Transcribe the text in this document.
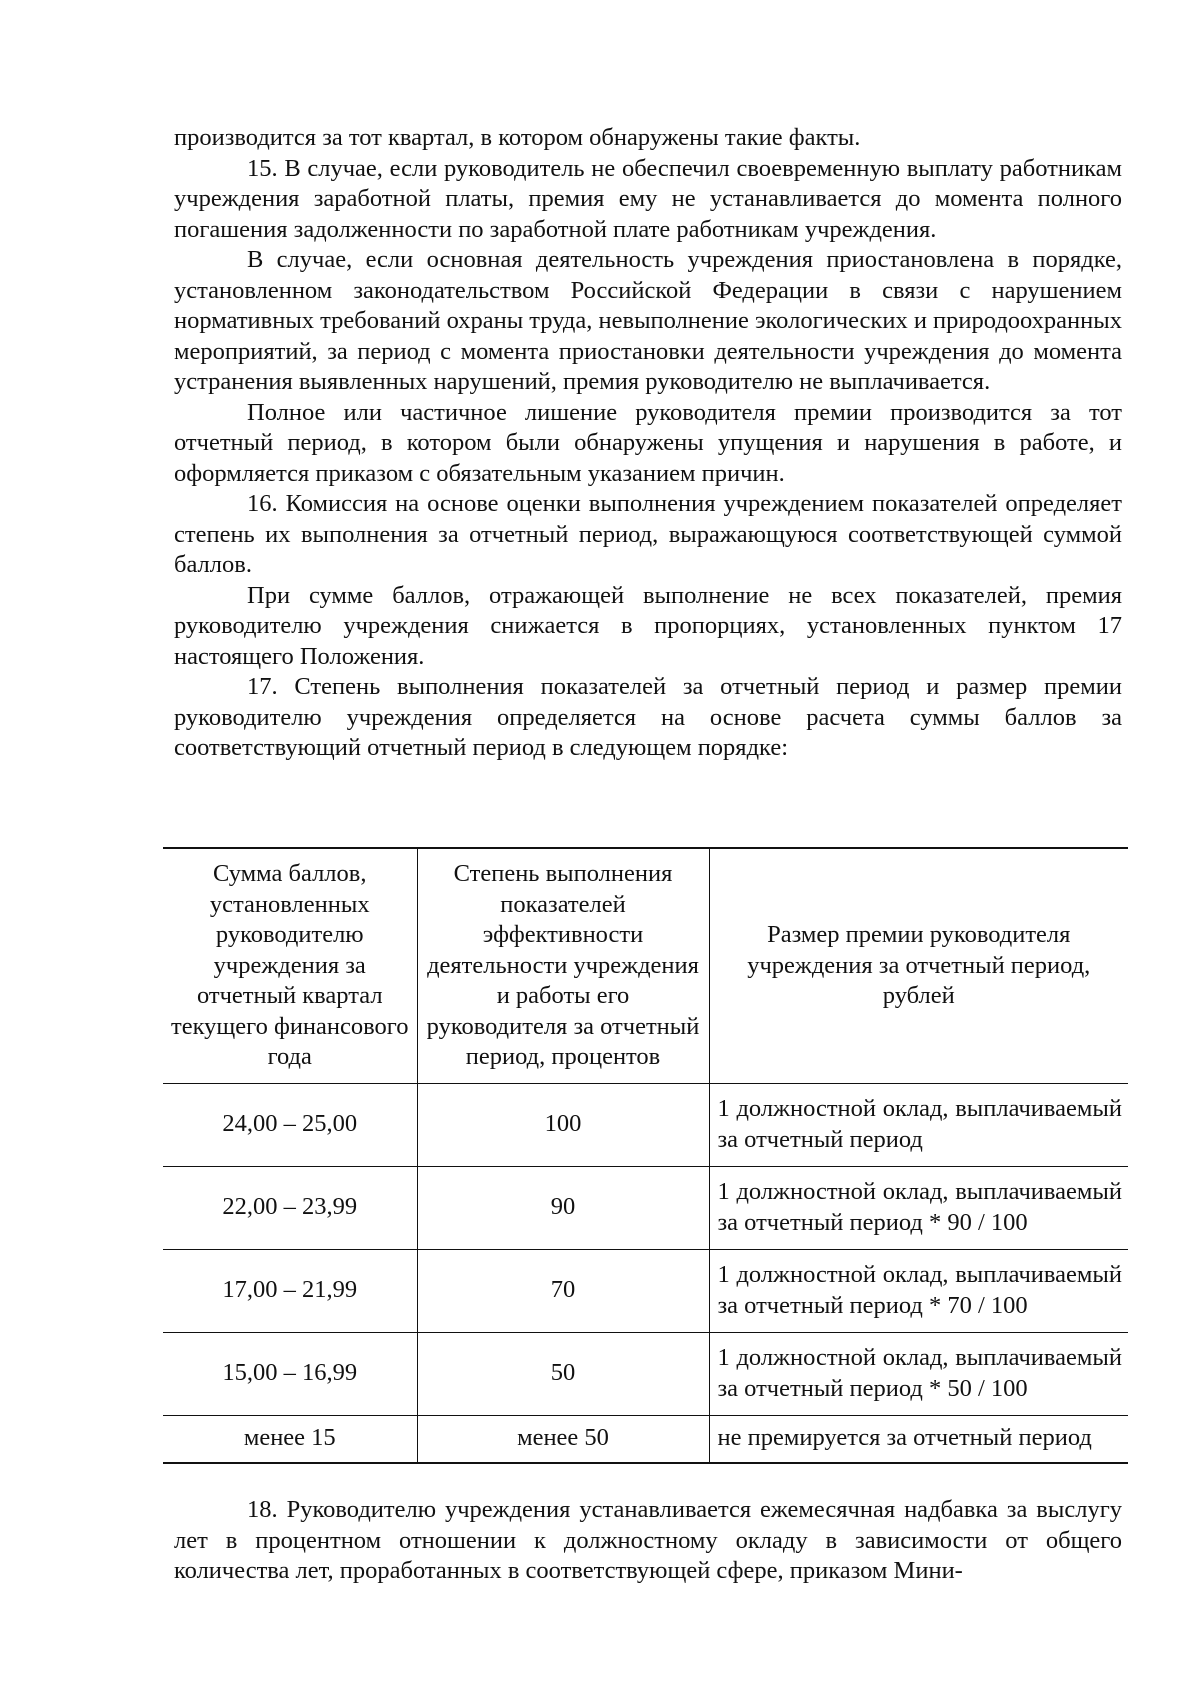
производится за тот квартал, в котором обнаружены такие факты.

15. В случае, если руководитель не обеспечил своевременную выплату работникам учреждения заработной платы, премия ему не устанавливается до момента полного погашения задолженности по заработной плате работникам учреждения.

В случае, если основная деятельность учреждения приостановлена в порядке, установленном законодательством Российской Федерации в связи с нарушением нормативных требований охраны труда, невыполнение экологических и природоохранных мероприятий, за период с момента приостановки деятельности учреждения до момента устранения выявленных нарушений, премия руководителю не выплачивается.

Полное или частичное лишение руководителя премии производится за тот отчетный период, в котором были обнаружены упущения и нарушения в работе, и оформляется приказом с обязательным указанием причин.

16. Комиссия на основе оценки выполнения учреждением показателей определяет степень их выполнения за отчетный период, выражающуюся соответствующей суммой баллов.

При сумме баллов, отражающей выполнение не всех показателей, премия руководителю учреждения снижается в пропорциях, установленных пунктом 17 настоящего Положения.

17. Степень выполнения показателей за отчетный период и размер премии руководителю учреждения определяется на основе расчета суммы баллов за соответствующий отчетный период в следующем порядке:

Сумма баллов, установленных руководителю учреждения за отчетный квартал текущего финансового года	Степень выполнения показателей эффективности деятельности учреждения и работы его руководителя за отчетный период, процентов	Размер премии руководителя учреждения за отчетный период, рублей

24,00 – 25,00	100	1 должностной оклад, выплачиваемый за отчетный период
22,00 – 23,99	90	1 должностной оклад, выплачиваемый за отчетный период * 90 / 100
17,00 – 21,99	70	1 должностной оклад, выплачиваемый за отчетный период * 70 / 100
15,00 – 16,99	50	1 должностной оклад, выплачиваемый за отчетный период * 50 / 100
менее 15	менее 50	не премируется за отчетный период

18. Руководителю учреждения устанавливается ежемесячная надбавка за выслугу лет в процентном отношении к должностному окладу в зависимости от общего количества лет, проработанных в соответствующей сфере, приказом Мини-
